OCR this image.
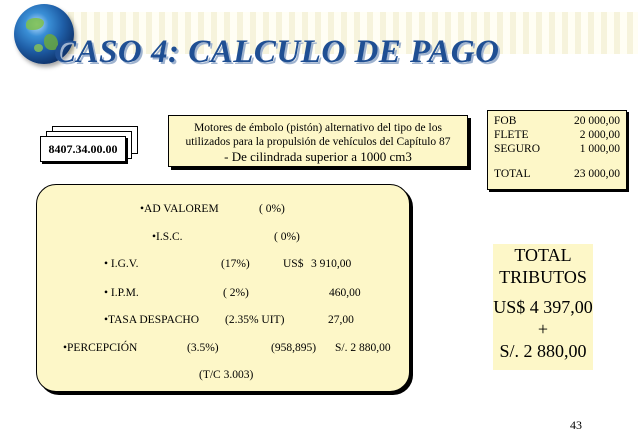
CASO 4: CALCULO DE PAGO
8407.34.00.00
Motores de émbolo (pistón) alternativo del tipo de los
utilizados para la propulsión de vehículos del Capítulo 87
- De cilindrada superior a 1000 cm3
FOB	20 000,00
FLETE	2 000,00
SEGURO	1 000,00
TOTAL	23 000,00
•AD VALOREM	( 0%)
•I.S.C.	( 0%)
• I.G.V.	(17%)	US$ 3 910,00
• I.P.M.	( 2%)	460,00
•TASA DESPACHO (2.35% UIT)	27,00
•PERCEPCIÓN	(3.5%)	(958,895) S/. 2 880,00
(T/C 3.003)
TOTAL
TRIBUTOS
US$ 4 397,00
+
S/. 2 880,00
43
